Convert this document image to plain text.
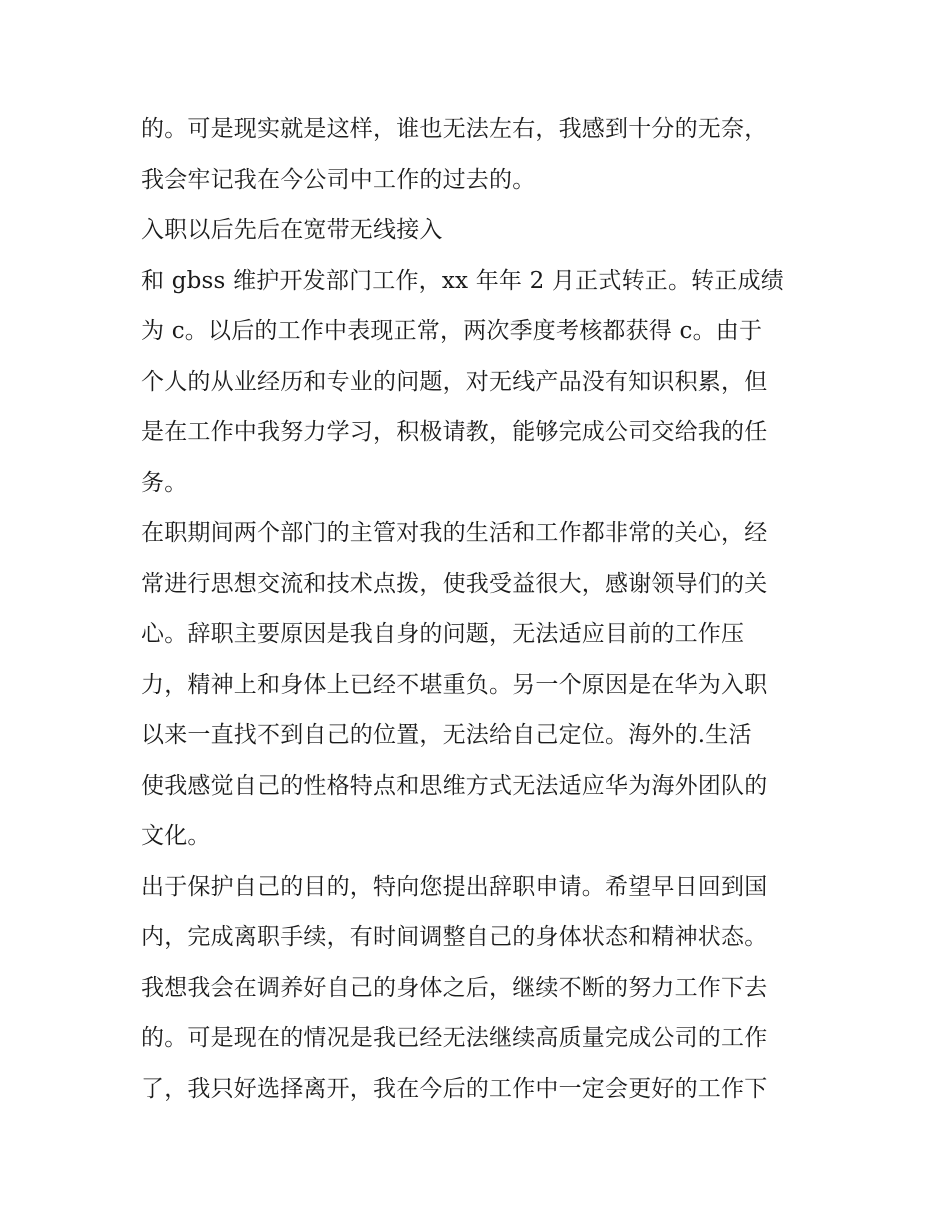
的。可是现实就是这样，谁也无法左右，我感到十分的无奈，
我会牢记我在今公司中工作的过去的。
入职以后先后在宽带无线接入
和 gbss 维护开发部门工作，xx 年年 2 月正式转正。转正成绩
为 c。以后的工作中表现正常，两次季度考核都获得 c。由于
个人的从业经历和专业的问题，对无线产品没有知识积累，但
是在工作中我努力学习，积极请教，能够完成公司交给我的任
务。
在职期间两个部门的主管对我的生活和工作都非常的关心，经
常进行思想交流和技术点拨，使我受益很大，感谢领导们的关
心。辞职主要原因是我自身的问题，无法适应目前的工作压
力，精神上和身体上已经不堪重负。另一个原因是在华为入职
以来一直找不到自己的位置，无法给自己定位。海外的.生活
使我感觉自己的性格特点和思维方式无法适应华为海外团队的
文化。
出于保护自己的目的，特向您提出辞职申请。希望早日回到国
内，完成离职手续，有时间调整自己的身体状态和精神状态。
我想我会在调养好自己的身体之后，继续不断的努力工作下去
的。可是现在的情况是我已经无法继续高质量完成公司的工作
了，我只好选择离开，我在今后的工作中一定会更好的工作下
